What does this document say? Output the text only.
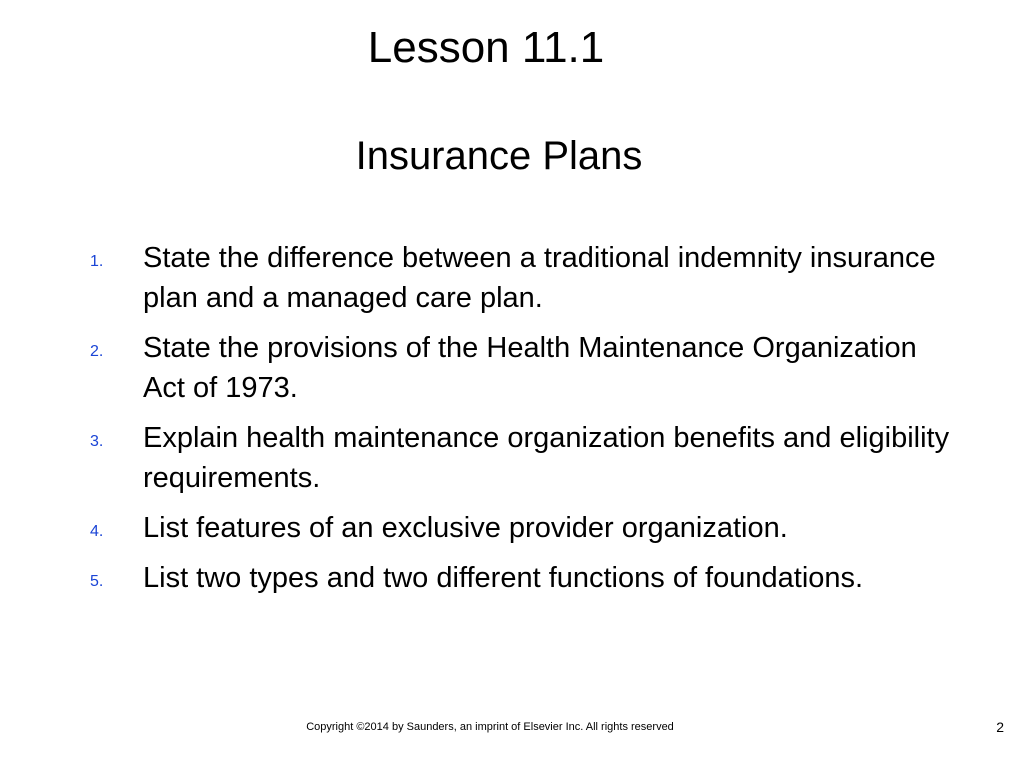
Lesson 11.1
Insurance Plans
1. State the difference between a traditional indemnity insurance plan and a managed care plan.
2. State the provisions of the Health Maintenance Organization Act of 1973.
3. Explain health maintenance organization benefits and eligibility requirements.
4. List features of an exclusive provider organization.
5. List two types and two different functions of foundations.
Copyright ©2014 by Saunders, an imprint of Elsevier Inc. All rights reserved	2
